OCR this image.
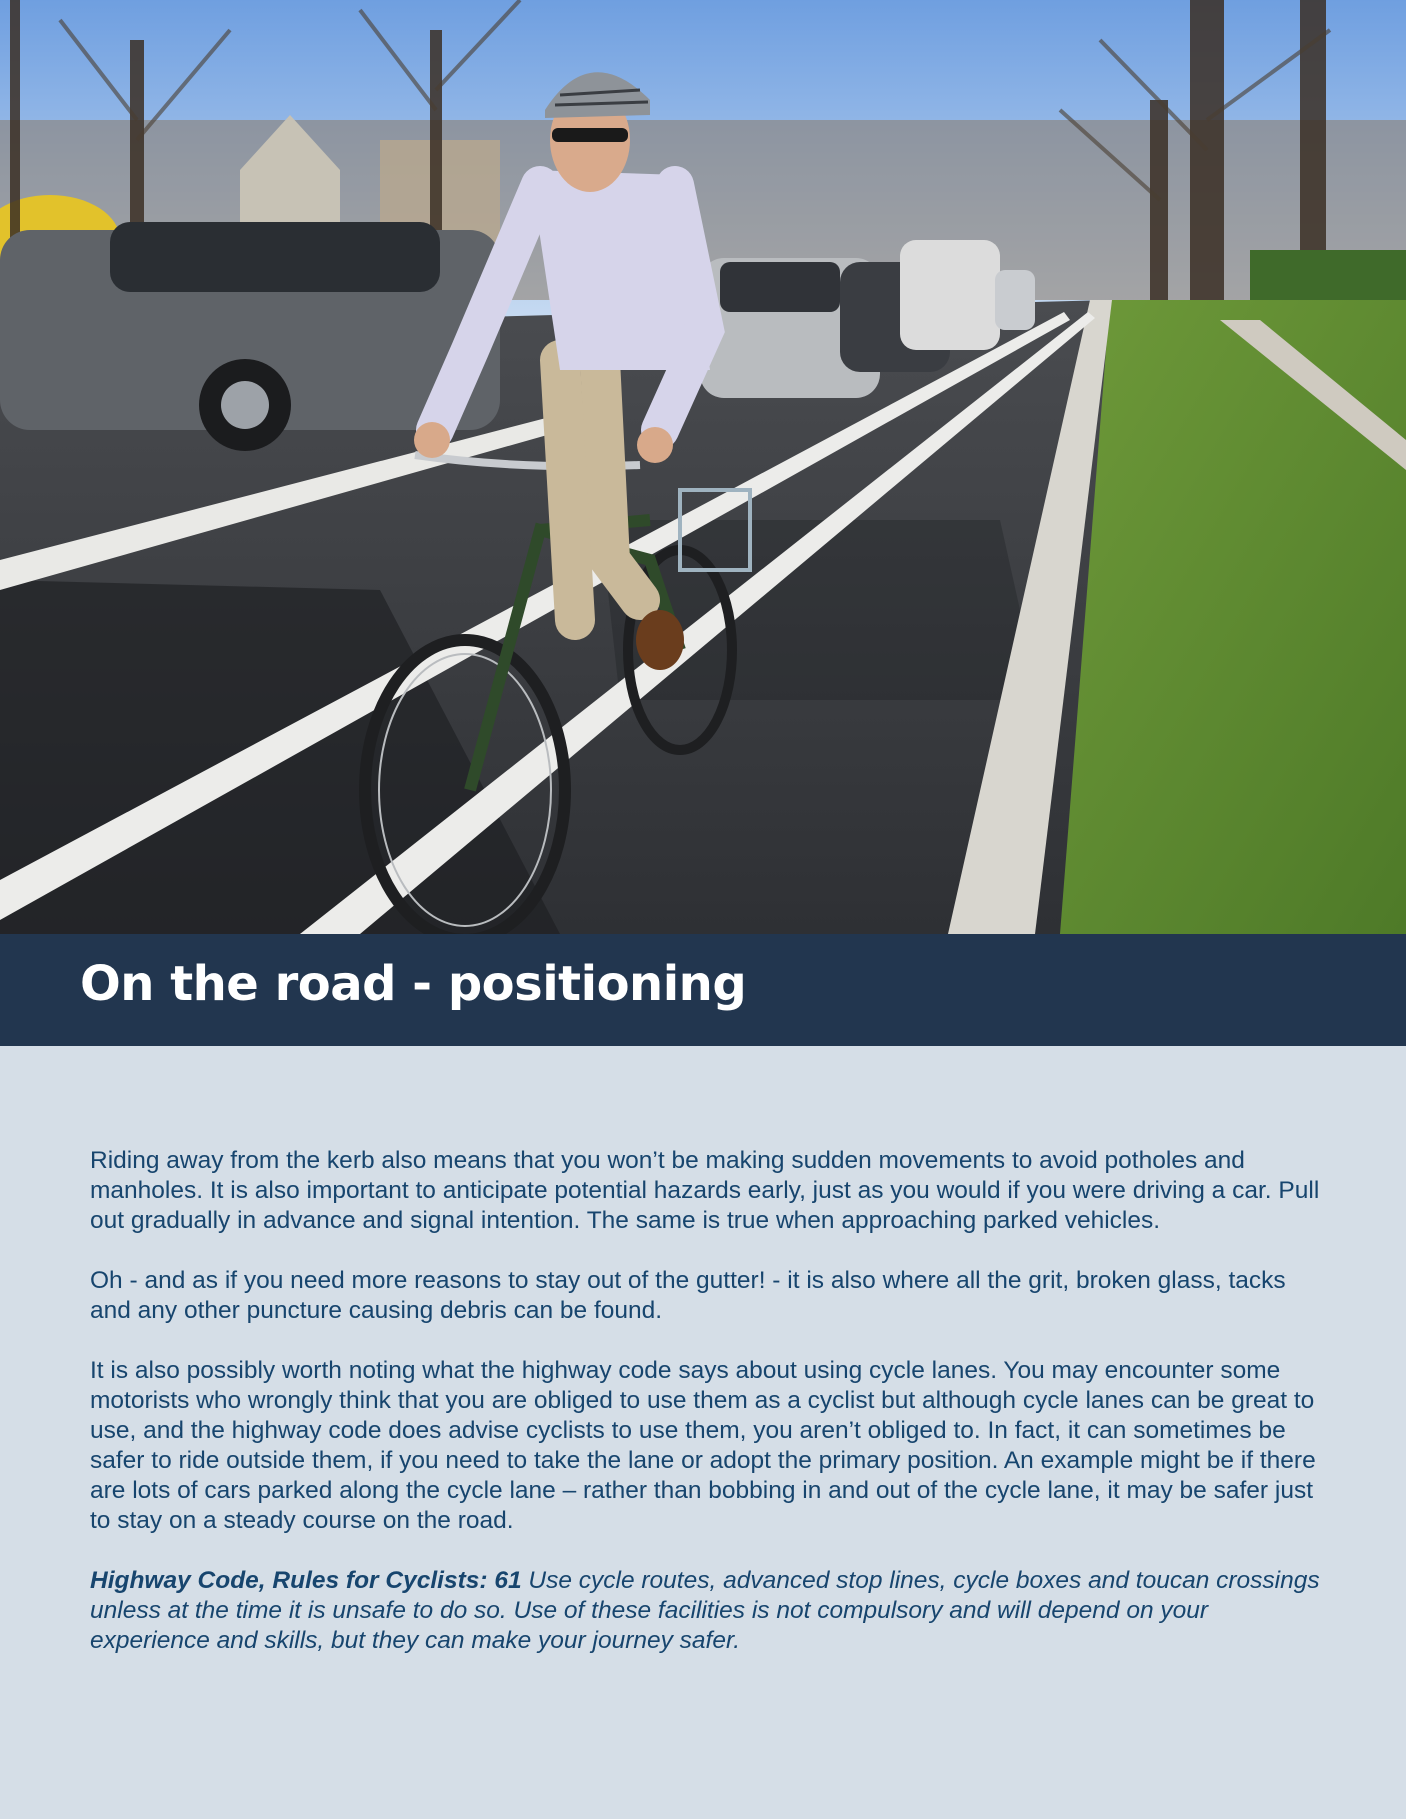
On the road - positioning

Riding away from the kerb also means that you won’t be making sudden movements to avoid potholes and manholes. It is also important to anticipate potential hazards early, just as you would if you were driving a car. Pull out gradually in advance and signal intention. The same is true when approaching parked vehicles.

Oh - and as if you need more reasons to stay out of the gutter! - it is also where all the grit, broken glass, tacks and any other puncture causing debris can be found.

It is also possibly worth noting what the highway code says about using cycle lanes. You may encounter some motorists who wrongly think that you are obliged to use them as a cyclist but although cycle lanes can be great to use, and the highway code does advise cyclists to use them, you aren’t obliged to. In fact, it can sometimes be safer to ride outside them, if you need to take the lane or adopt the primary position. An example might be if there are lots of cars parked along the cycle lane – rather than bobbing in and out of the cycle lane, it may be safer just to stay on a steady course on the road.

Highway Code, Rules for Cyclists: 61 Use cycle routes, advanced stop lines, cycle boxes and toucan crossings unless at the time it is unsafe to do so. Use of these facilities is not compulsory and will depend on your experience and skills, but they can make your journey safer.
